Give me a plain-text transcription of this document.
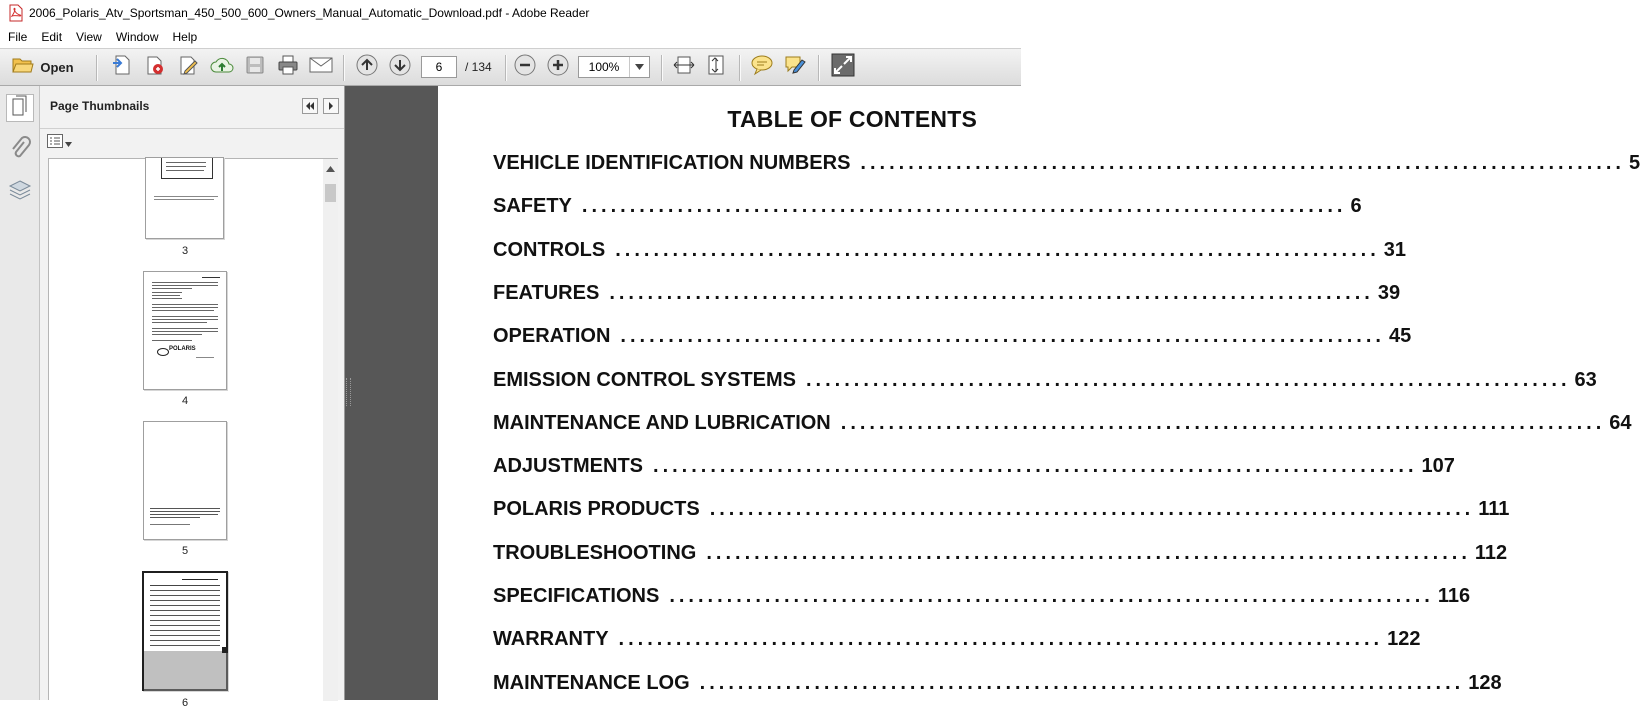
2006_Polaris_Atv_Sportsman_450_500_600_Owners_Manual_Automatic_Download.pdf - Adobe Reader
File	Edit	View	Window	Help
Open
6	/ 134
100%
Page Thumbnails
3
POLARIS
4
5
6
TABLE OF CONTENTS
VEHICLE IDENTIFICATION NUMBERS ................................................................................ 5
SAFETY ................................................................................ 6
CONTROLS ................................................................................ 31
FEATURES ................................................................................ 39
OPERATION ................................................................................ 45
EMISSION CONTROL SYSTEMS ................................................................................ 63
MAINTENANCE AND LUBRICATION ................................................................................ 64
ADJUSTMENTS ................................................................................ 107
POLARIS PRODUCTS ................................................................................ 111
TROUBLESHOOTING ................................................................................ 112
SPECIFICATIONS ................................................................................ 116
WARRANTY ................................................................................ 122
MAINTENANCE LOG ................................................................................ 128
